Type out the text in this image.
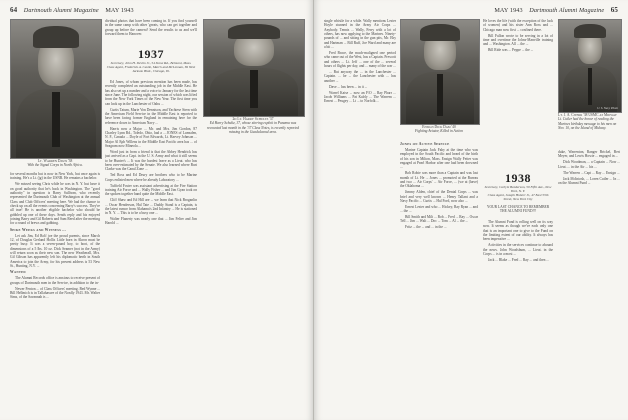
64 Dartmouth Alumni Magazine MAY 1943
Lt. Warren Davis '38
With the Signal Corps in North Africa.

for several months but is now in New York, but once again is training. He's a Lt. (jg) in the USNR. He remains a bachelor.

We missed seeing Chris while he was in N. Y. but have it on good authority that he's back in Washington. The "good authority" in question is Barry Sullivan, who recently represented the Dartmouth Club of Washington at the annual Class and Club Officers' meeting here. We had the chance to check up on all the events concerning Barry's success. They're all true! He is another eligible bachelor who should be gobbled up one of these days. Sends reply and his enjoyed joining Barry and Gil Roberts and Sam Reed after the meeting for a round of brews and gabbing.

Spike Weeks and Witness ...

Let ask Jim, Ed Rolf joe the proud parents, since March 12, of Douglas Gerland Hollis Little born in Akron must be pretty busy. It was a seven-pound boy, to boot, of the dimensions of a 5 lbs. 10 oz. Dick Seamer (not in the Army) will return soon as their new son. The new Weatherall, Mrs. Gil Gibson has apparently left his diplomatic berth in South America to join the Army, for his present address is 53 New St., Hunting, N.Y. ...

Wanted

The Alumni Records office is anxious to receive present of groups of Dartmouth men in the Service, in addition to the in-

Newer Fenton ... of Class Officers' meeting. Bed Wynne ... Bill Hellmich is in Tallahassee of the Nonfly 1943. Mr. Walter Sims, of the Savannah is ...

dividual photos that have been coming in. If you find yourself in the same camp with other 'greats, who can get together and group up before the camera? Send the results to us and we'll forward them to Hanover.

1937
Secretary, John H. Devlin Jr., 54 Stone Rd., Belmont, Mass.
Class Agent, Frederick A. Castle, March and McLennan, 69 West Jackson Blvd., Chicago, Ill.

Ed Jones, of whom previous mention has been made, has recently completed an outstanding job in the Middle East. He has also set up a number and a voice to January for the last time since June. The following night, our session of which was lifted from the New York Times of the New Year. The first time you can look up in the Lanchester of Oahu ...

Curtis Tatum, Marie Von Dennison, and Yachtese Stern with the American Field Service in the Middle East is reported to have been facing former England in remaining here for the reference down to American Navy ...

Harris now a Major ... Mr. and Mrs. Jim Gordon, 87 Charley Lynn Rd., Toledo, Ohio, had a ... JONES of Lumsden, N. F., Canada ... Doyle of Fort Edwards, Lt. Harvey Johnson ... Major Al Eph Willens in the Middle East Pacific area has ... of Seagram now Mineola ...

Word just in from a friend is that the Abbey Hendrick has just arrived as a Capt. in the U. S. Army and what it still seems to be Hunter's ... It was the hardest leave as a Lieut. who has been over-estimated by the Senate. We also learned where Burt Clarke was the Canal Zone ...

Ted Ross and Ed Drury are brothers who to be Marine Corps enlisted men where he already Laboratory ...

Tuffield Foster was assistant advertising at the Fire Station training Air Force and ... Wally Fisher ... and Jim Gyan took on the spoken together hand quite the Middle East.

Cliff Shaw and Ed Hill are ... we learn that Nick Broganlin ... Oscar Henderson, Hal Tate ... Daddy Stand is a Captain, is the latest rumor from Alabama's 2nd Infantry ... He is stationed in N. Y. ... This is to be a busy one ...

Walter Flanerty was nearly one that ... Jim Felter and Jim Harold ...

2d Lt. Harry Schultz '37
Ed Harry Schultz, 37, whose stirring exploit in Panama was recounted last month in the '37 Class Notes, is recently reported missing in the Guadalcanal area.
MAY 1943 Dartmouth Alumni Magazine 65

single whistle for a while. Wally mentions Lester Hoyle stunned in the Army Air Corps ... Anybody. Tennis ... Wally, Ferry with a lot of others, has now applying to the Marines. Ninety-pounds of ... and sitting in the gun pits, Mr. Eby and Hartman ... Bill Ruff, Joe Ward and many are a bit ...

Fred Brace, the much-maligned one period who came out of the West, has a Captain. Prescott and others ... Lt. Jeff ... one of the ... several hours of flights per day, and ... many of the war ...

... But anyway the ... in the Lanchester ... Captain. ... he ... the Lanchester with ... has another ...

Dave ... has been ... in it ...

Warrel Kaise ... now an F/O ... Ray Pharr ... Jacob Williams ... Pat Kalrly ... The Warrem ... Ernest ... Peugey ... Lt ... to Norfolk ...

Ensign Dick Dam '40
Fighting Aviator, Killed in Action

Jones on Active Service

Marine Captain Jack Fahy at the time who was employed in the South Pacific and heard of the birth of his son in Milton, Mass. Ensign Wally Feiter was engaged at Pearl Harbor after one had been drowned ...

Bob Robie was more than a Captain and was last month of Lt. He ... Jones ... promoted at the Bureau and two ... Air Corps' ... Air Force, ... (we at (have) the Oklahoma ...

Jimmy Alden, chief of the Dental Corps ... was brief and very well known ... Henry Tallant and a Navy Pacific ... Curtis ... Hal Ford, now also ...

Ernest Lester and who ... Hickey, Ray Ryan ... and ... the ...

Bill Smith and Milt ... Bob ... Fred ... Ray ... Oscar Tell ... Jim ... Walt ... Doc ... Tom ... Al ... the ...

Fritz ... the ... and ... in the ...

He loves the life (with the exception of the lack of women) and his sister Ann Ross and ... Chicago man now first ... confined there.

Bill Fallon wrote to be serving in a lot of time and overtime the Johns-Manville training and ... Washington. All ... the ...

Bill Ride was ... Peppe ... the ...

1938
Secretary, Carlyle Benderson, 50 Fifth Ave., New York, N. Y.
Class Agent, Joseph Hubert Jr., 47 East 53th Street, New York City
YOUR LAST CHANCE TO REMEMBER THE ALUMNI FUND!!!

The Alumni Fund is rolling well on its way now. It seems as though we've each only one that is an important one to give to the Fund on the limiting extent of our ability. It always has been imperative ...

Activities in the services continue to abound the news. John Woodsbum, ... Lieut. in the Corps ... is in a most ...

Jack ... Blake ... Fred ... Ray ... and then ...

U. S. Navy Photo
Lt. J. A. Citerr '38 USMC at Midway
Lt. Cutler had the honor of reading the Marines birthday message to his men on Nov. 10, on the Island of Midway.

duke, Warrenton, Ranger Brickel, Bert Meyer, and Lewis Howie ... engaged in ...

Dick Woodman, ... a Captain ... Now ... Lieut. ... in the Air ... his ...

The Warren ... Capt ... Ray ... Ensign ...

Jack McIntosh, ... Loren Cutler ... In ... on the Alumni Fund ...
